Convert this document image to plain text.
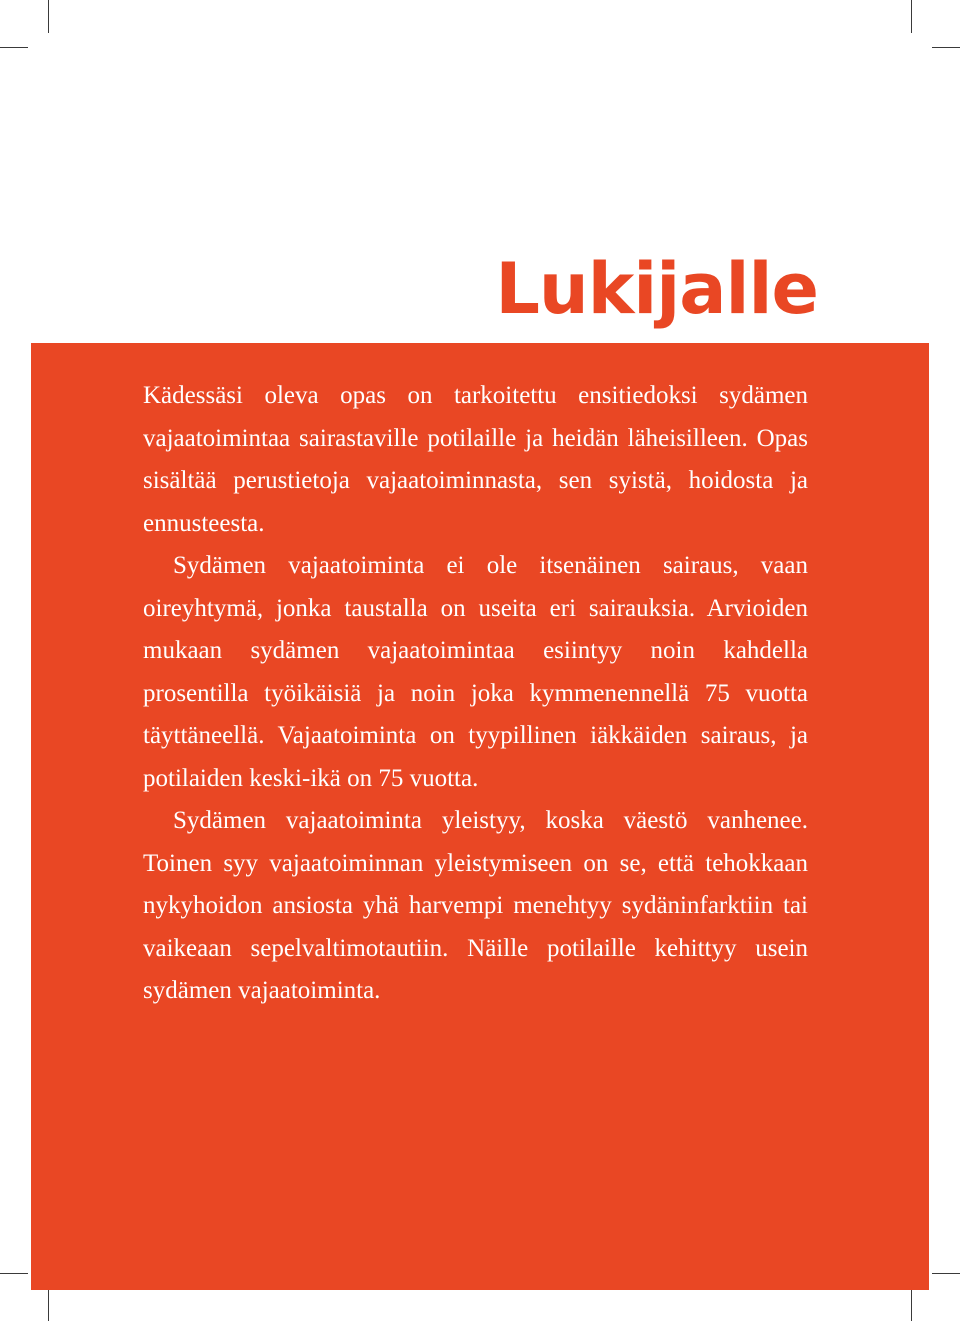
Lukijalle

Kädessäsi oleva opas on tarkoitettu ensitiedoksi sydämen vajaatoimintaa sairastaville potilaille ja heidän läheisilleen. Opas sisältää perustietoja vajaatoiminnasta, sen syistä, hoidosta ja ennusteesta.

Sydämen vajaatoiminta ei ole itsenäinen sairaus, vaan oireyhtymä, jonka taustalla on useita eri sairauksia. Arvioiden mukaan sydämen vajaatoimintaa esiintyy noin kahdella prosentilla työikäisiä ja noin joka kymmenennellä 75 vuotta täyttäneellä. Vajaatoiminta on tyypillinen iäkkäiden sairaus, ja potilaiden keski-ikä on 75 vuotta.

Sydämen vajaatoiminta yleistyy, koska väestö vanhenee. Toinen syy vajaatoiminnan yleistymiseen on se, että tehokkaan nykyhoidon ansiosta yhä harvempi menehtyy sydäninfarktiin tai vaikeaan sepelvaltimotautiin. Näille potilaille kehittyy usein sydämen vajaatoiminta.
